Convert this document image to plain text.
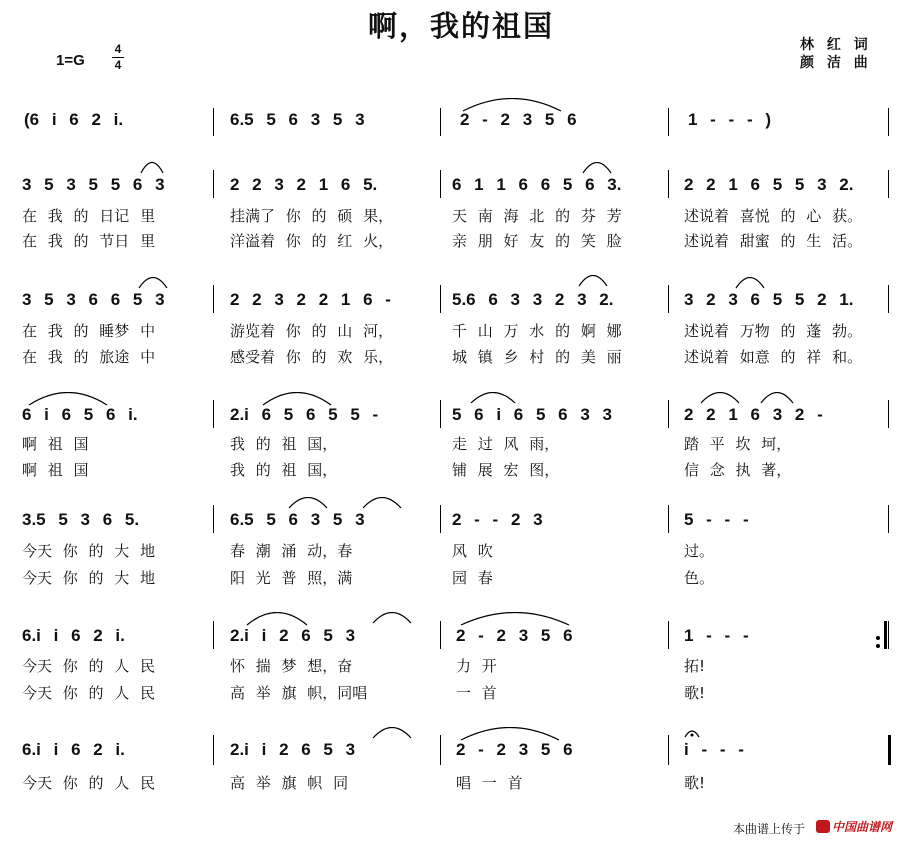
啊，我的祖国
1=G
4
4
林 红 词
颜 洁 曲
(6 i 6 2 i.	6.5 5 6 3 5 3	2 - 2 3 5 6	1 - - - )
3 5 3 5 5 6 3	2 2 3 2 1 6 5.	6 1 1 6 6 5 6 3.	2 2 1 6 5 5 3 2.
在 我 的 日记 里	挂满了 你 的 硕 果，	天 南 海 北 的 芬 芳	述说着 喜悦 的 心 获。
在 我 的 节日 里	洋溢着 你 的 红 火，	亲 朋 好 友 的 笑 脸	述说着 甜蜜 的 生 活。
3 5 3 6 6 5 3	2 2 3 2 2 1 6 -	5.6 6 3 3 2 3 2.	3 2 3 6 5 5 2 1.
在 我 的 睡梦 中	游览着 你 的 山 河，	千 山 万 水 的 婀 娜	述说着 万物 的 蓬 勃。
在 我 的 旅途 中	感受着 你 的 欢 乐，	城 镇 乡 村 的 美 丽	述说着 如意 的 祥 和。
6 i 6 5 6 i.	2.i 6 5 6 5 5 -	5 6 i 6 5 6 3 3	2 2 1 6 3 2 -
啊 祖 国	我 的 祖 国，	走 过 风 雨，	踏 平 坎 坷，
啊 祖 国	我 的 祖 国，	铺 展 宏 图，	信 念 执 著，
3.5 5 3 6 5.	6.5 5 6 3 5 3	2 - - 2 3	5 - - -
今天 你 的 大 地	春 潮 涌 动，春	风 吹	过。
今天 你 的 大 地	阳 光 普 照，满	园 春	色。
6.i i 6 2 i.	2.i i 2 6 5 3	2 - 2 3 5 6	1 - - -
今天 你 的 人 民	怀 揣 梦 想，奋	力 开	拓!
今天 你 的 人 民	高 举 旗 帜，同唱	一 首	歌!
6.i i 6 2 i.	2.i i 2 6 5 3	2 - 2 3 5 6	i - - -
今天 你 的 人 民	高 举 旗 帜 同	唱 一 首	歌!
本曲谱上传于	中国曲谱网
